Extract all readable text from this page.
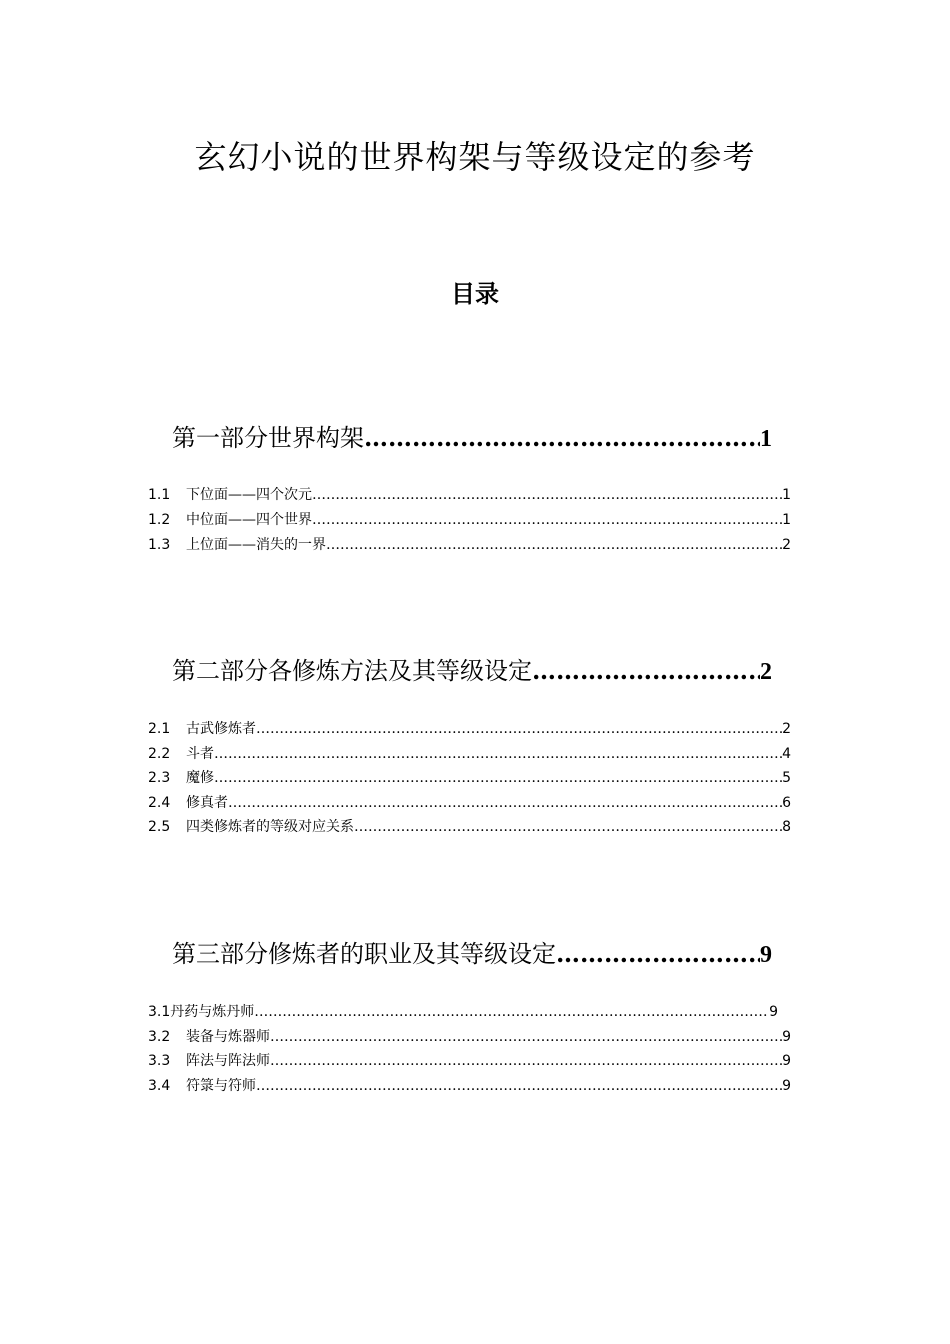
玄幻小说的世界构架与等级设定的参考
目录
第一部分世界构架 …………………………………………………………………………………	1
1.1	下位面——四个次元 ………………………………………………………………………………………………………………………………………………………………………………………………	1
1.2	中位面——四个世界 ………………………………………………………………………………………………………………………………………………………………………………………………	1
1.3	上位面——消失的一界 ………………………………………………………………………………………………………………………………………………………………………………………………	2
第二部分各修炼方法及其等级设定 …………………………………………………………………………………	2
2.1	古武修炼者 ………………………………………………………………………………………………………………………………………………………………………………………………	2
2.2	斗者 ………………………………………………………………………………………………………………………………………………………………………………………………	4
2.3	魔修 ………………………………………………………………………………………………………………………………………………………………………………………………	5
2.4	修真者 ………………………………………………………………………………………………………………………………………………………………………………………………	6
2.5	四类修炼者的等级对应关系 ………………………………………………………………………………………………………………………………………………………………………………………………	8
第三部分修炼者的职业及其等级设定 …………………………………………………………………………………	9
3.1 丹药与炼丹师 ………………………………………………………………………………………………………………………………………………………………………………………………	9
3.2	装备与炼器师 ………………………………………………………………………………………………………………………………………………………………………………………………	9
3.3	阵法与阵法师 ………………………………………………………………………………………………………………………………………………………………………………………………	9
3.4	符箓与符师 ………………………………………………………………………………………………………………………………………………………………………………………………	9
